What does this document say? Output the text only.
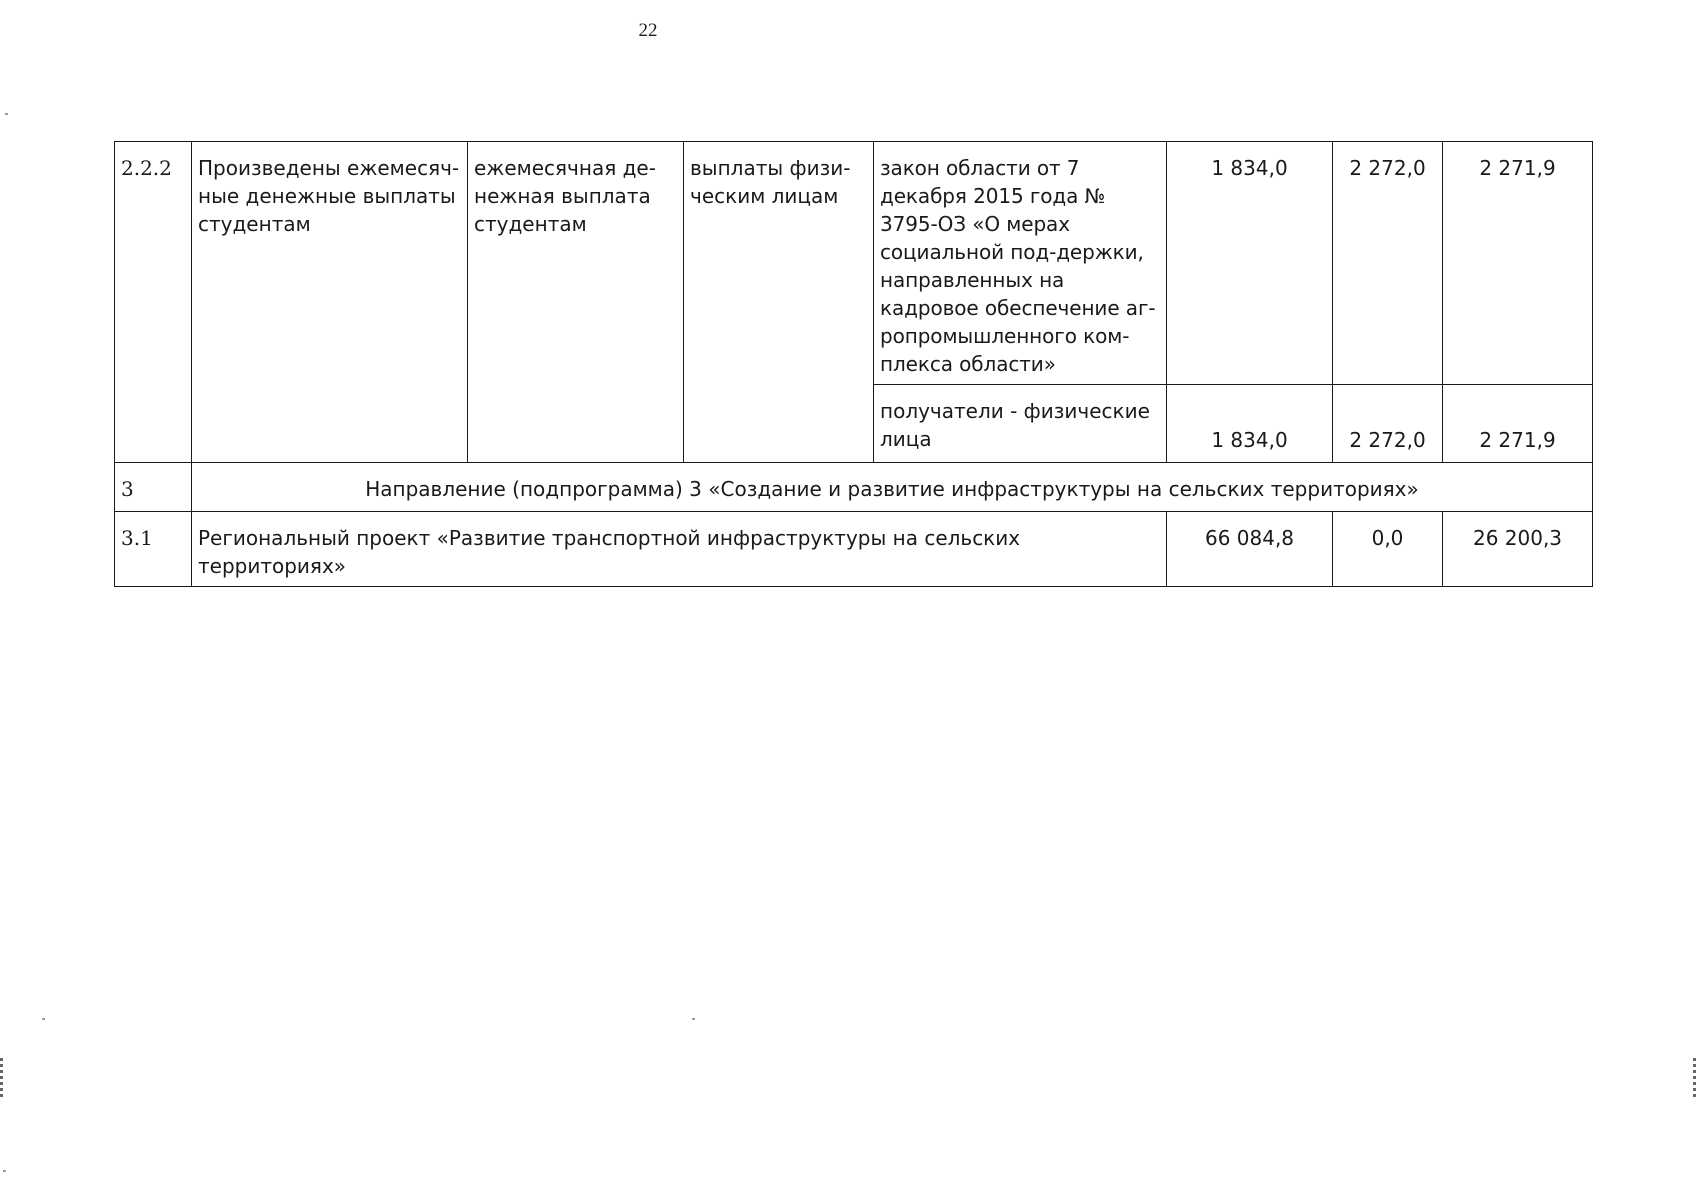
22
2.2.2	Произведены ежемесяч-ные денежные выплаты студентам	ежемесячная де-нежная выплата студентам	выплаты физи-ческим лицам	закон области от 7 декабря 2015 года № 3795-ОЗ «О мерах социальной под-держки, направленных на кадровое обеспечение аг-ропромышленного ком-плекса области»	1 834,0	2 272,0	2 271,9
				получатели - физические лица	1 834,0	2 272,0	2 271,9
3	Направление (подпрограмма) 3 «Создание и развитие инфраструктуры на сельских территориях»						
3.1	Региональный проект «Развитие транспортной инфраструктуры на сельских территориях»				66 084,8	0,0	26 200,3
